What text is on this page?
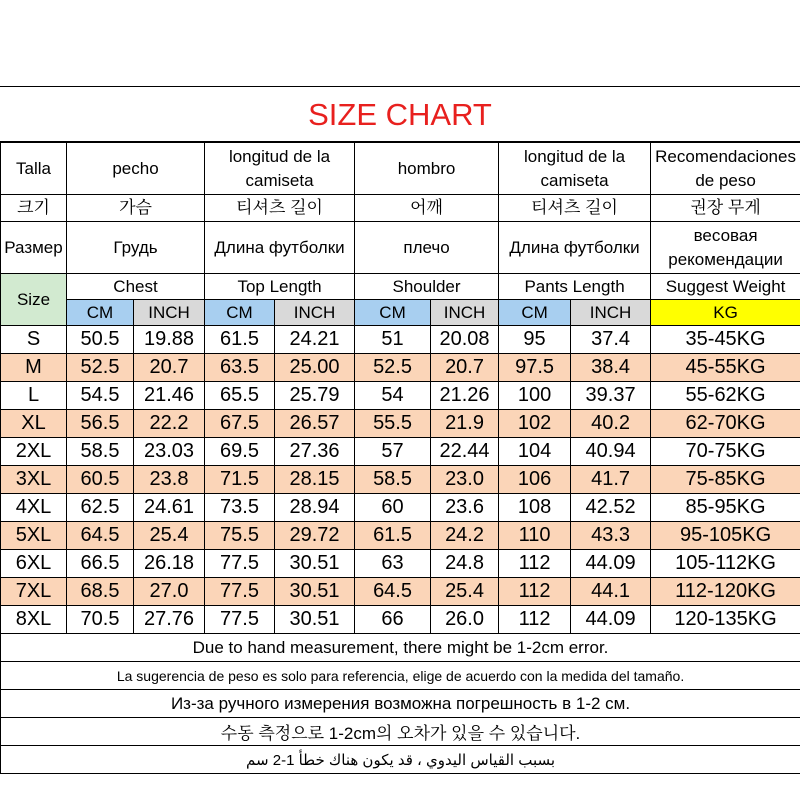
SIZE CHART
Talla	pecho		longitud de la camiseta		hombro		longitud de la camiseta		Recomendaciones de peso
크기	가슴		티셔츠 길이		어깨		티셔츠 길이		권장 무게
Размер	Грудь		Длина футболки		плечо		Длина футболки		весовая рекомендации
Size	Chest		Top Length		Shoulder		Pants Length		Suggest Weight
	CM	INCH	CM	INCH	CM	INCH	CM	INCH	KG
S	50.5	19.88	61.5	24.21	51	20.08	95	37.4	35-45KG
M	52.5	20.7	63.5	25.00	52.5	20.7	97.5	38.4	45-55KG
L	54.5	21.46	65.5	25.79	54	21.26	100	39.37	55-62KG
XL	56.5	22.2	67.5	26.57	55.5	21.9	102	40.2	62-70KG
2XL	58.5	23.03	69.5	27.36	57	22.44	104	40.94	70-75KG
3XL	60.5	23.8	71.5	28.15	58.5	23.0	106	41.7	75-85KG
4XL	62.5	24.61	73.5	28.94	60	23.6	108	42.52	85-95KG
5XL	64.5	25.4	75.5	29.72	61.5	24.2	110	43.3	95-105KG
6XL	66.5	26.18	77.5	30.51	63	24.8	112	44.09	105-112KG
7XL	68.5	27.0	77.5	30.51	64.5	25.4	112	44.1	112-120KG
8XL	70.5	27.76	77.5	30.51	66	26.0	112	44.09	120-135KG
Due to hand measurement, there might be 1-2cm error.									
La sugerencia de peso es solo para referencia, elige de acuerdo con la medida del tamaño.									
Из-за ручного измерения возможна погрешность в 1-2 см.									
수동 측정으로 1-2cm의 오차가 있을 수 있습니다.									
بسبب القياس اليدوي ، قد يكون هناك خطأ 1-2 سم									
